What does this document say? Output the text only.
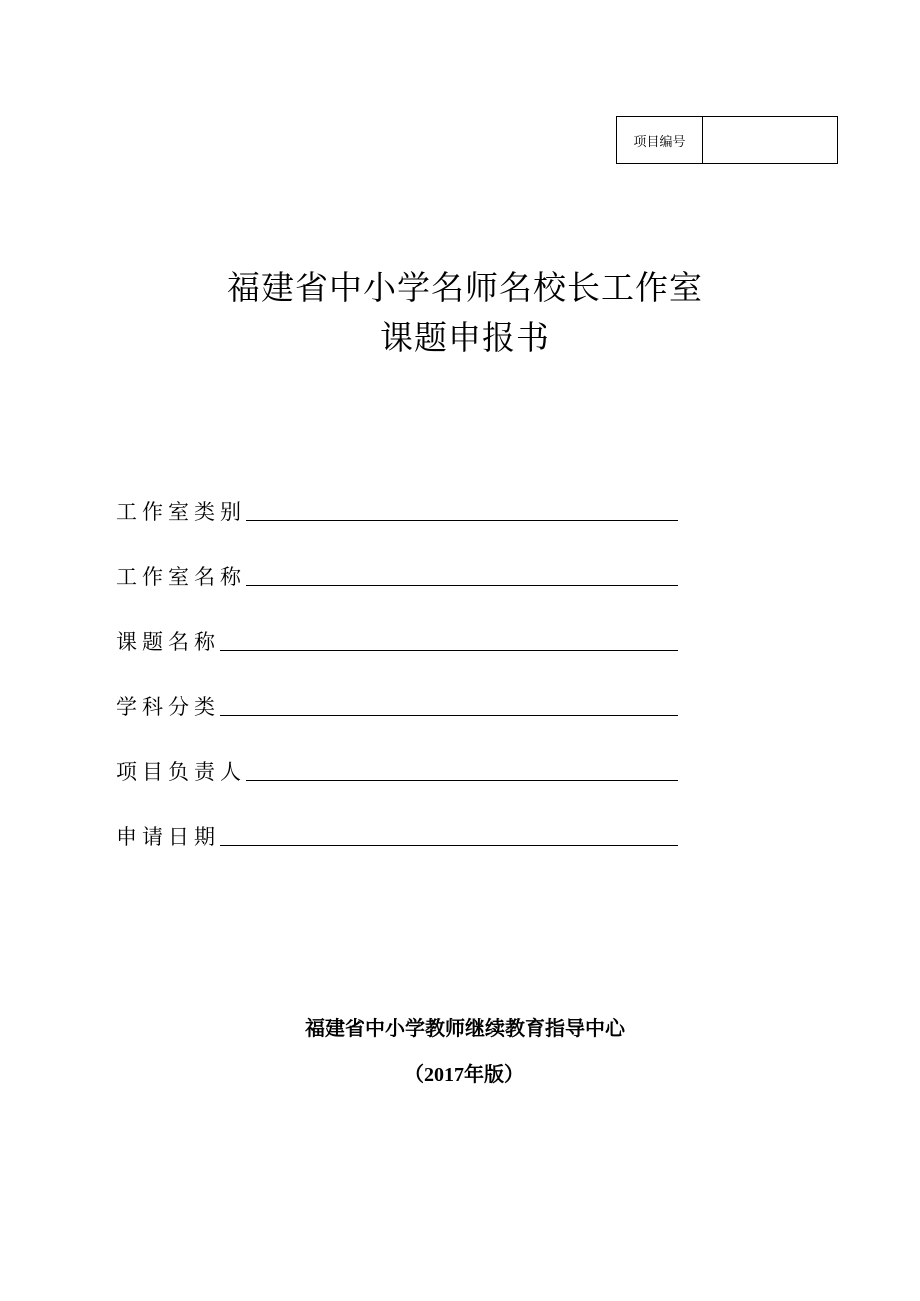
项目编号
福建省中小学名师名校长工作室
课题申报书
工作室类别
工作室名称
课题名称
学科分类
项目负责人
申请日期
福建省中小学教师继续教育指导中心
（2017年版）
